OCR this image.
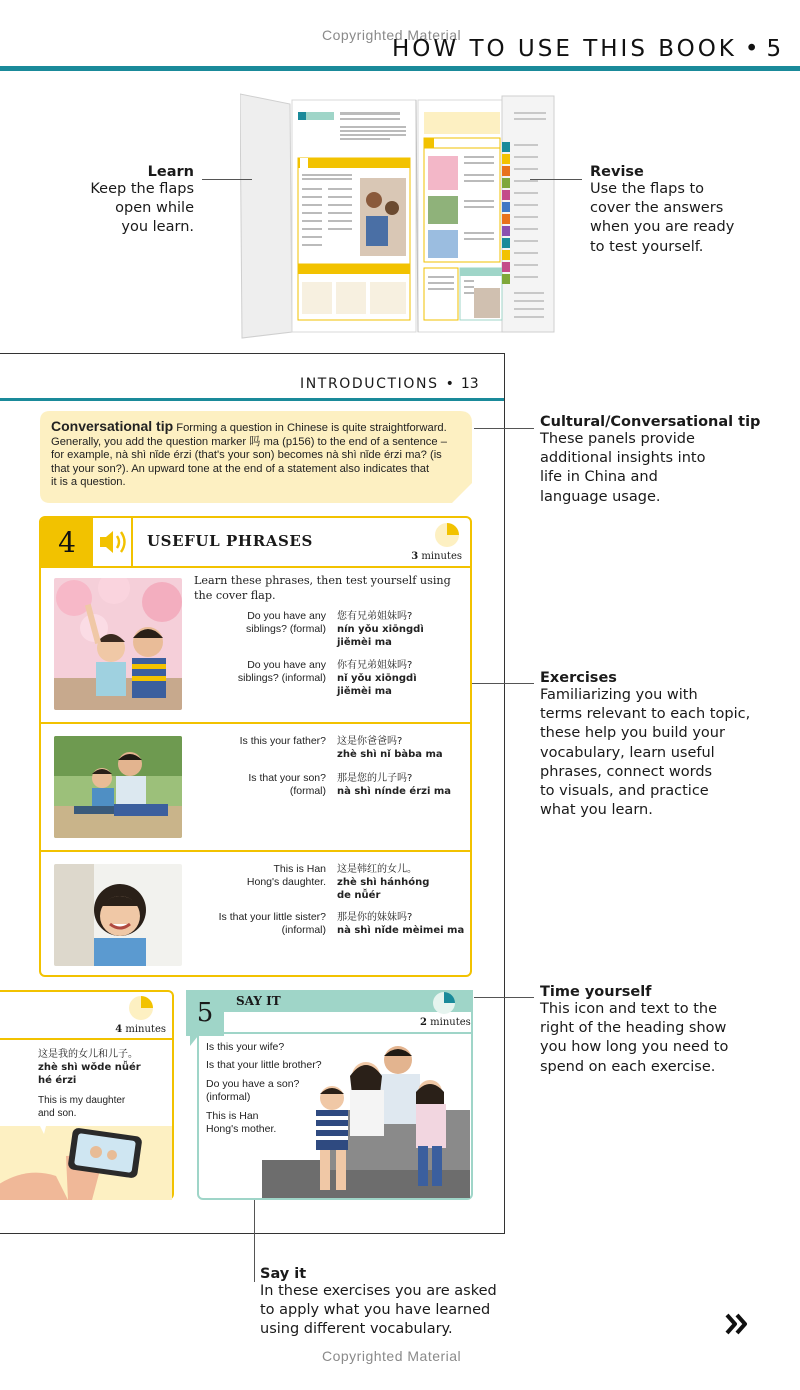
Copyrighted Material
HOW TO USE THIS BOOK • 5
Learn
Keep the flaps
open while
you learn.
Revise
Use the flaps to
cover the answers
when you are ready
to test yourself.
INTRODUCTIONS • 13
Conversational tip Forming a question in Chinese is quite straightforward.
Generally, you add the question marker 吗 ma (p156) to the end of a sentence –
for example, nà shì nǐde érzi (that's your son) becomes nà shì nǐde érzi ma? (is
that your son?). An upward tone at the end of a statement also indicates that
it is a question.
Cultural/Conversational tip
These panels provide
additional insights into
life in China and
language usage.
4	USEFUL PHRASES
3 minutes
Learn these phrases, then test yourself using
the cover flap.
Do you have any
siblings? (formal)
您有兄弟姐妹吗?
nín yǒu xiōngdì
jiěmèi ma
Do you have any
siblings? (informal)
你有兄弟姐妹吗?
nǐ yǒu xiōngdì
jiěmèi ma
Is this your father? 这是你爸爸吗?
zhè shì nǐ bàba ma
Is that your son?
(formal)
那是您的儿子吗?
nà shì nínde érzi ma
This is Han
Hong's daughter.
这是韩红的女儿。
zhè shì hánhóng
de nǚér
Is that your little sister?
(informal)
那是你的妹妹吗?
nà shì nǐde mèimei ma
Exercises
Familiarizing you with
terms relevant to each topic,
these help you build your
vocabulary, learn useful
phrases, connect words
to visuals, and practice
what you learn.
4 minutes
这是我的女儿和儿子。
zhè shì wǒde nǚér
hé érzi
This is my daughter
and son.
5	SAY IT
2 minutes
Is this your wife?
Is that your little brother?
Do you have a son?
(informal)
This is Han
Hong's mother.
Time yourself
This icon and text to the
right of the heading show
you how long you need to
spend on each exercise.
Say it
In these exercises you are asked
to apply what you have learned
using different vocabulary.
Copyrighted Material
